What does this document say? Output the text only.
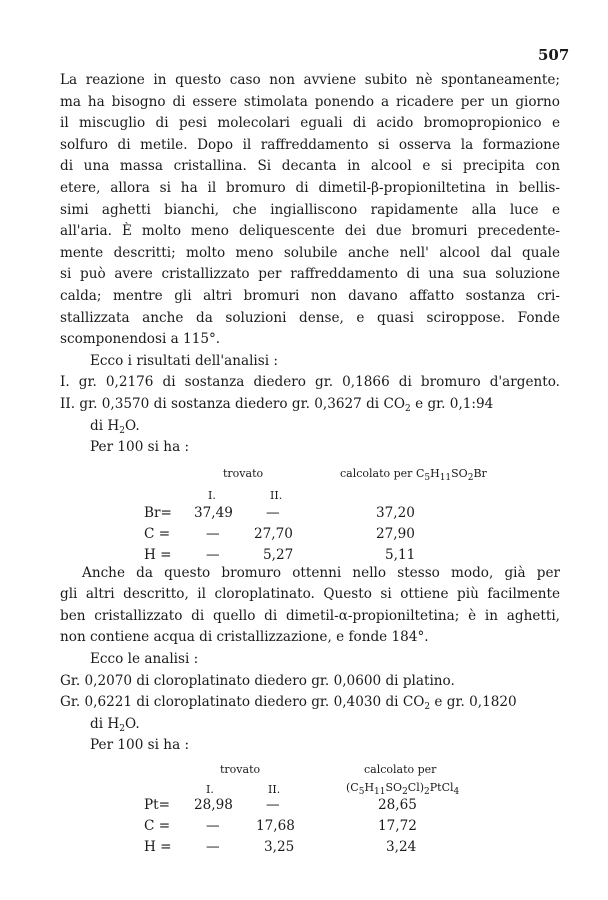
507
La reazione in questo caso non avviene subito nè spontaneamente;
ma ha bisogno di essere stimolata ponendo a ricadere per un giorno
il miscuglio di pesi molecolari eguali di acido bromopropionico e
solfuro di metile. Dopo il raffreddamento si osserva la formazione
di una massa cristallina. Si decanta in alcool e si precipita con
etere, allora si ha il bromuro di dimetil-β-propioniltetina in bellis-
simi aghetti bianchi, che ingialliscono rapidamente alla luce e
all'aria. È molto meno deliquescente dei due bromuri precedente-
mente descritti; molto meno solubile anche nell' alcool dal quale
si può avere cristallizzato per raffreddamento di una sua soluzione
calda; mentre gli altri bromuri non davano affatto sostanza cri-
stallizzata anche da soluzioni dense, e quasi sciroppose. Fonde
scomponendosi a 115°.
Ecco i risultati dell'analisi :
I. gr. 0,2176 di sostanza diedero gr. 0,1866 di bromuro d'argento.
II. gr. 0,3570 di sostanza diedero gr. 0,3627 di $CO_2$ e gr. 0,1:94
di $H_2O$.
Per 100 si ha :
trovato	calcolato per $C_5H_{11}SO_2Br$
I.	II.
Br= 37,49 —	37,20
C =	—	27,70	27,90
H =	—	5,27	5,11
Anche da questo bromuro ottenni nello stesso modo, già per
gli altri descritto, il cloroplatinato. Questo si ottiene più facilmente
ben cristallizzato di quello di dimetil-α-propioniltetina; è in aghetti,
non contiene acqua di cristallizzazione, e fonde 184°.
Ecco le analisi :
Gr. 0,2070 di cloroplatinato diedero gr. 0,0600 di platino.
Gr. 0,6221 di cloroplatinato diedero gr. 0,4030 di $CO_2$ e gr. 0,1820
di $H_2O$.
Per 100 si ha :
trovato	calcolato per
I.	II.	$(C_5H_{11}SO_2Cl)_2PtCl_4$
Pt= 28,98 —	28,65
C =	—	17,68	17,72
H =	—	3,25	3,24
